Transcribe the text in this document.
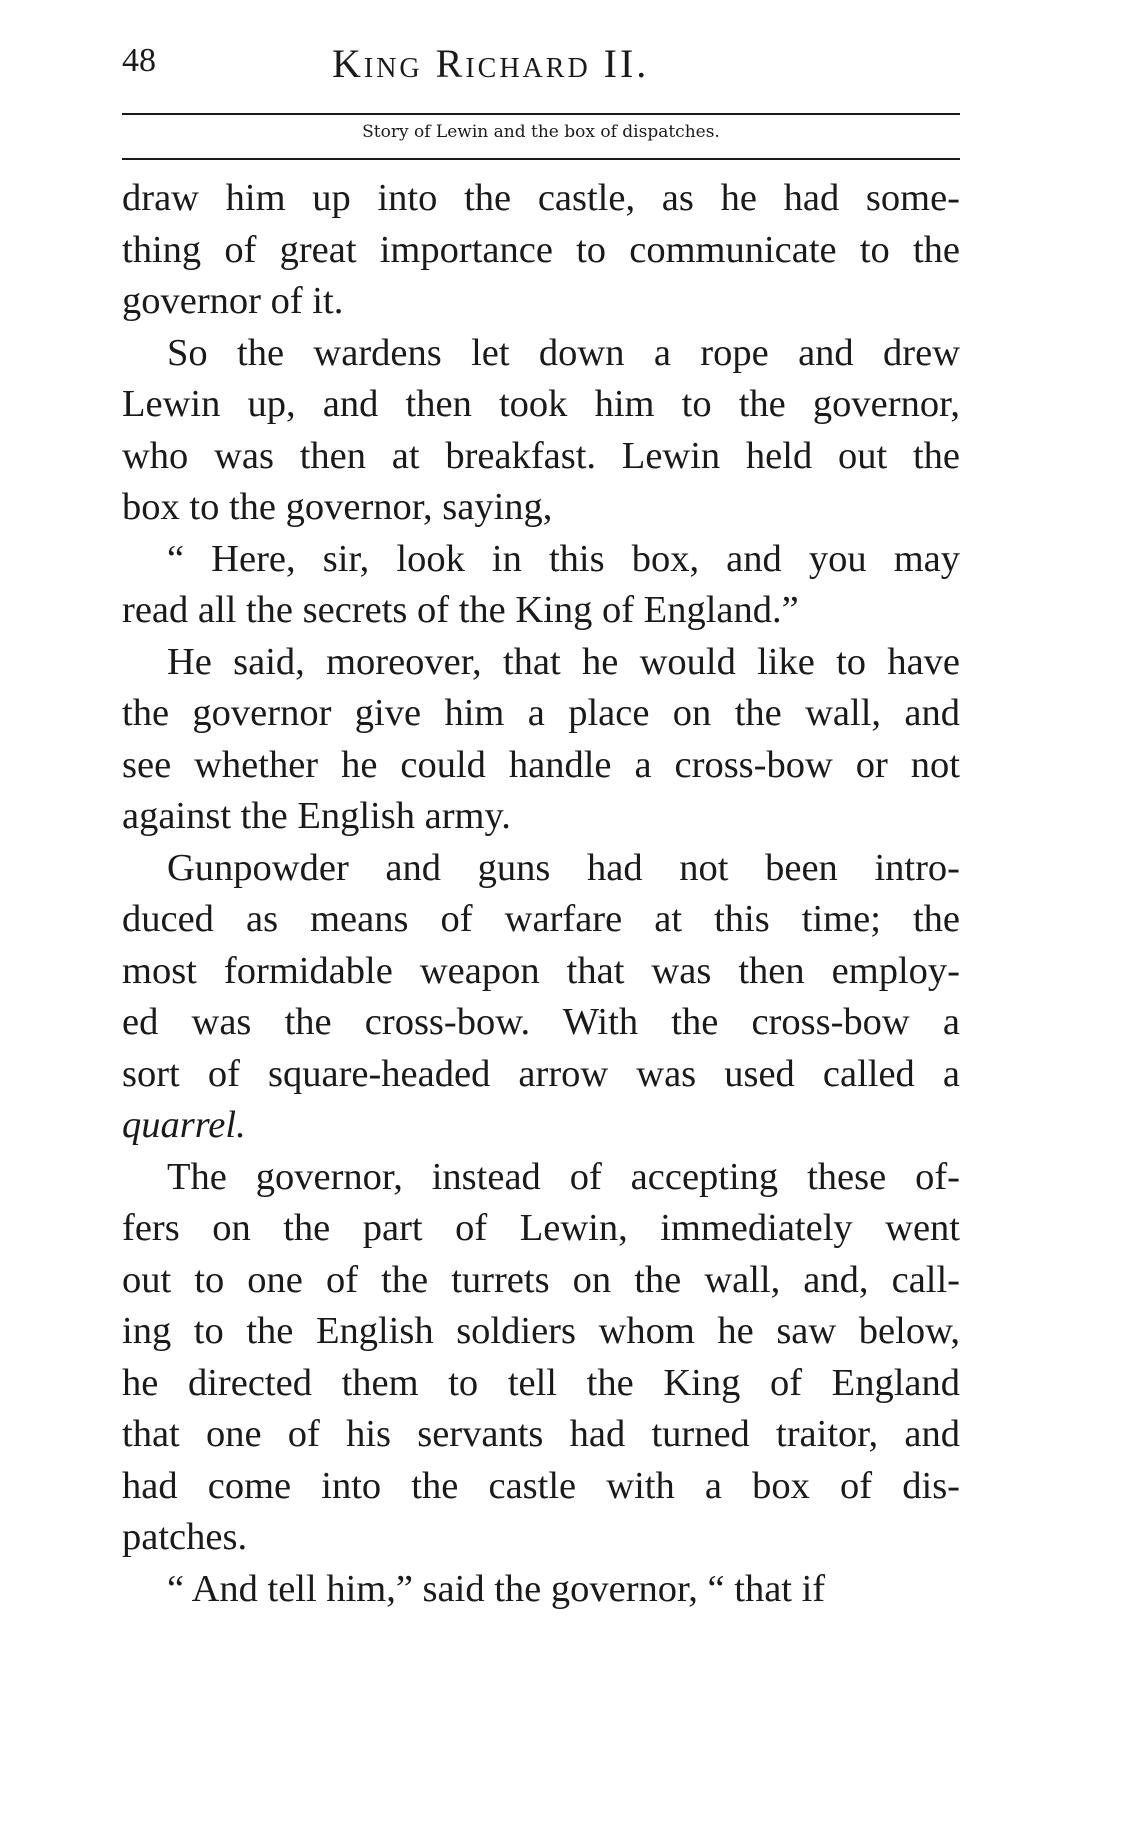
48	King Richard II.
Story of Lewin and the box of dispatches.

draw him up into the castle, as he had some-
thing of great importance to communicate to the
governor of it.

So the wardens let down a rope and drew
Lewin up, and then took him to the governor,
who was then at breakfast. Lewin held out the
box to the governor, saying,

“ Here, sir, look in this box, and you may
read all the secrets of the King of England.”

He said, moreover, that he would like to have
the governor give him a place on the wall, and
see whether he could handle a cross-bow or not
against the English army.

Gunpowder and guns had not been intro-
duced as means of warfare at this time; the
most formidable weapon that was then employ-
ed was the cross-bow. With the cross-bow a
sort of square-headed arrow was used called a
quarrel.

The governor, instead of accepting these of-
fers on the part of Lewin, immediately went
out to one of the turrets on the wall, and, call-
ing to the English soldiers whom he saw below,
he directed them to tell the King of England
that one of his servants had turned traitor, and
had come into the castle with a box of dis-
patches.

“ And tell him,” said the governor, “ that if
